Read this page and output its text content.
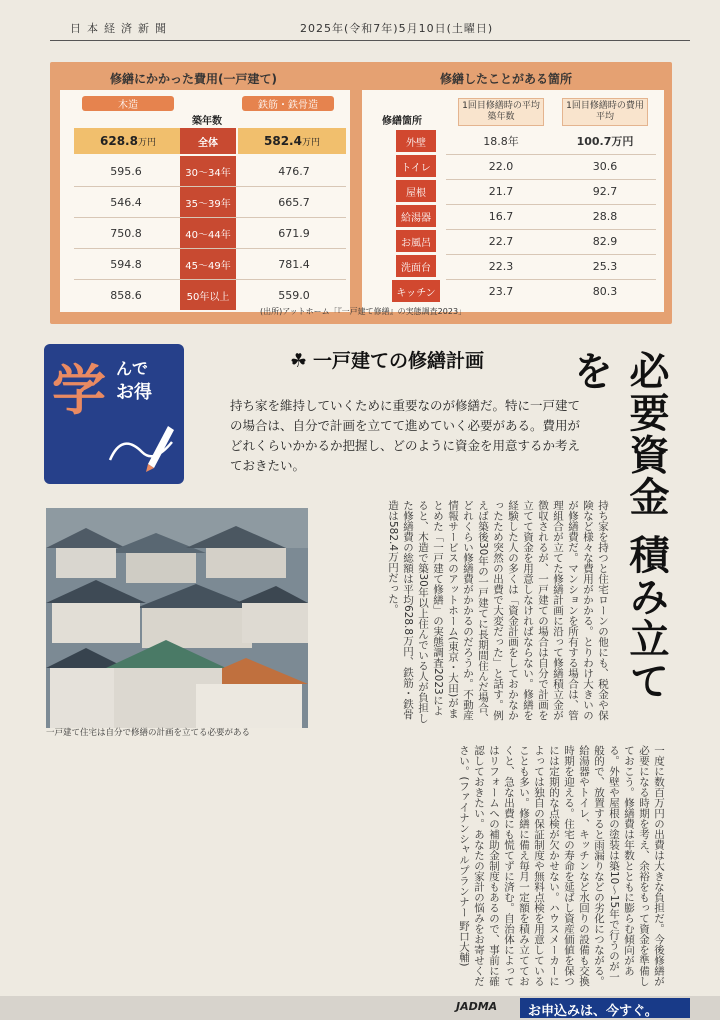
日本経済新聞	2025年(令和7年)5月10日(土曜日)
修繕にかかった費用(一戸建て)	修繕したことがある箇所
木造
築年数
鉄筋・鉄骨造
628.8 万円	全体	582.4 万円
595.6	30〜34年	476.7
546.4	35〜39年	665.7
750.8	40〜44年	671.9
594.8	45〜49年	781.4
858.6	50年以上	559.0
修繕箇所
1回目修繕時の平均築年数
1回目修繕時の費用平均
外壁	18.8年	100.7万円
トイレ	22.0	30.6
屋根	21.7	92.7
給湯器	16.7	28.8
お風呂	22.7	82.9
洗面台	22.3	25.3
キッチン	23.7	80.3
(出所)アットホーム「『一戸建て修繕』の実態調査2023」
学 んで
お得
☘ 一戸建ての修繕計画
持ち家を維持していくために重要なのが修繕だ。特に一戸建ての場合は、自分で計画を立てて進めていく必要がある。費用がどれくらいかかるか把握し、どのように資金を用意するか考えておきたい。	必要資金 積み立てを
一戸建て住宅は自分で修繕の計画を立てる必要がある
持ち家を持つと住宅ローンの他にも、税金や保険など様々な費用がかかる。とりわけ大きいのが修繕費だ。マンションを所有する場合は、管理組合が立てた修繕計画に沿って修繕積立金が徴収されるが、一戸建ての場合は自分で計画を立てて資金を用意しなければならない。修繕を経験した人の多くは「資金計画をしておかなかったため突然の出費で大変だった」と話す。例えば築後30年の一戸建てに長期間住んだ場合、どれくらい修繕費がかかるのだろうか。不動産情報サービスのアットホーム(東京・大田)がまとめた「一戸建て修繕」の実態調査2023によると、木造で築30年以上住んでいる人が負担した修繕費の総額は平均628.8万円、鉄筋・鉄骨造は582.4万円だった。
一度に数百万円の出費は大きな負担だ。今後修繕が必要になる時期を考え、余裕をもって資金を準備しておこう。修繕費は年数とともに膨らむ傾向がある。外壁や屋根の塗装は築10〜15年で行うのが一般的で、放置すると雨漏りなどの劣化につながる。給湯器やトイレ、キッチンなど水回りの設備も交換時期を迎える。住宅の寿命を延ばし資産価値を保つには定期的な点検が欠かせない。ハウスメーカーによっては独自の保証制度や無料点検を用意していることも多い。修繕に備え毎月一定額を積み立てておくと、急な出費にも慌てずに済む。自治体によってはリフォームへの補助金制度もあるので、事前に確認しておきたい。あなたの家計の悩みをお寄せください。(ファイナンシャルプランナー 野口大輔)
JADMA	お申込みは、今すぐ。
